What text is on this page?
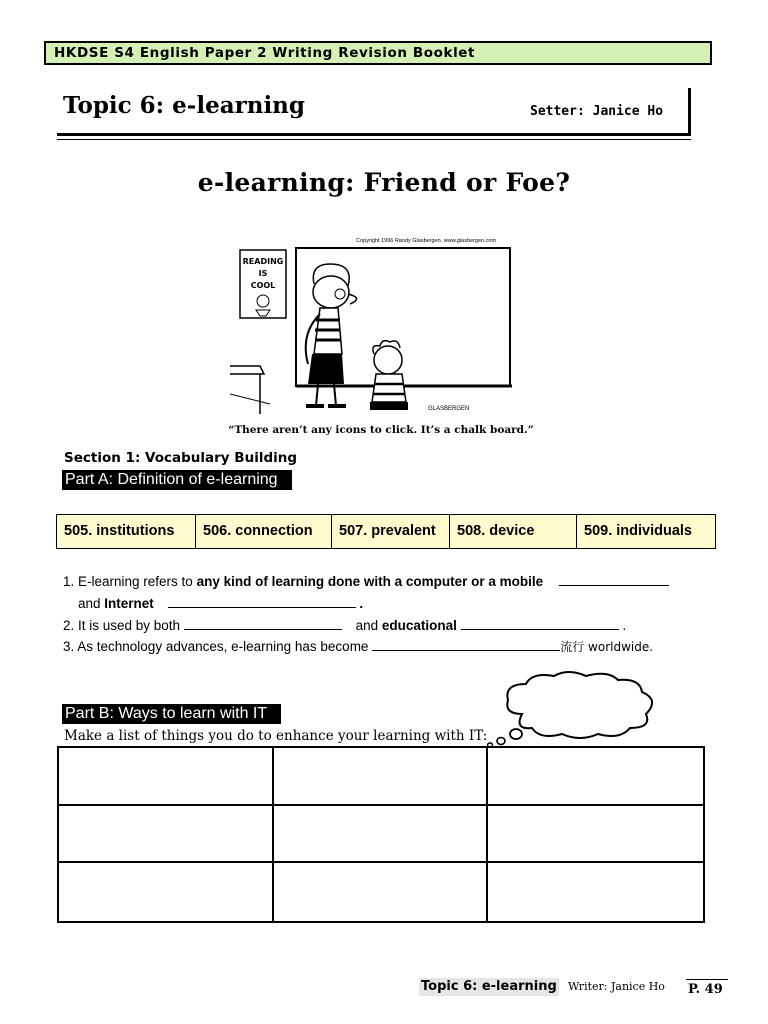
HKDSE S4 English Paper 2 Writing Revision Booklet
Topic 6: e-learning	Setter: Janice Ho
e-learning: Friend or Foe?
Copyright 1996 Randy Glasbergen. www.glasbergen.com
READING
IS
COOL
GLASBERGEN
“There aren’t any icons to click. It’s a chalk board.”
Section 1: Vocabulary Building
Part A: Definition of e-learning
505. institutions	506. connection	507. prevalent	508. device	509. individuals
1. E-learning refers to any kind of learning done with a computer or a mobile
and Internet	.
2. It is used by both	and educational	.
3. As technology advances, e-learning has become	流行 worldwide.
Part B: Ways to learn with IT
Make a list of things you do to enhance your learning with IT:
Topic 6: e-learning Writer: Janice Ho P. 49
